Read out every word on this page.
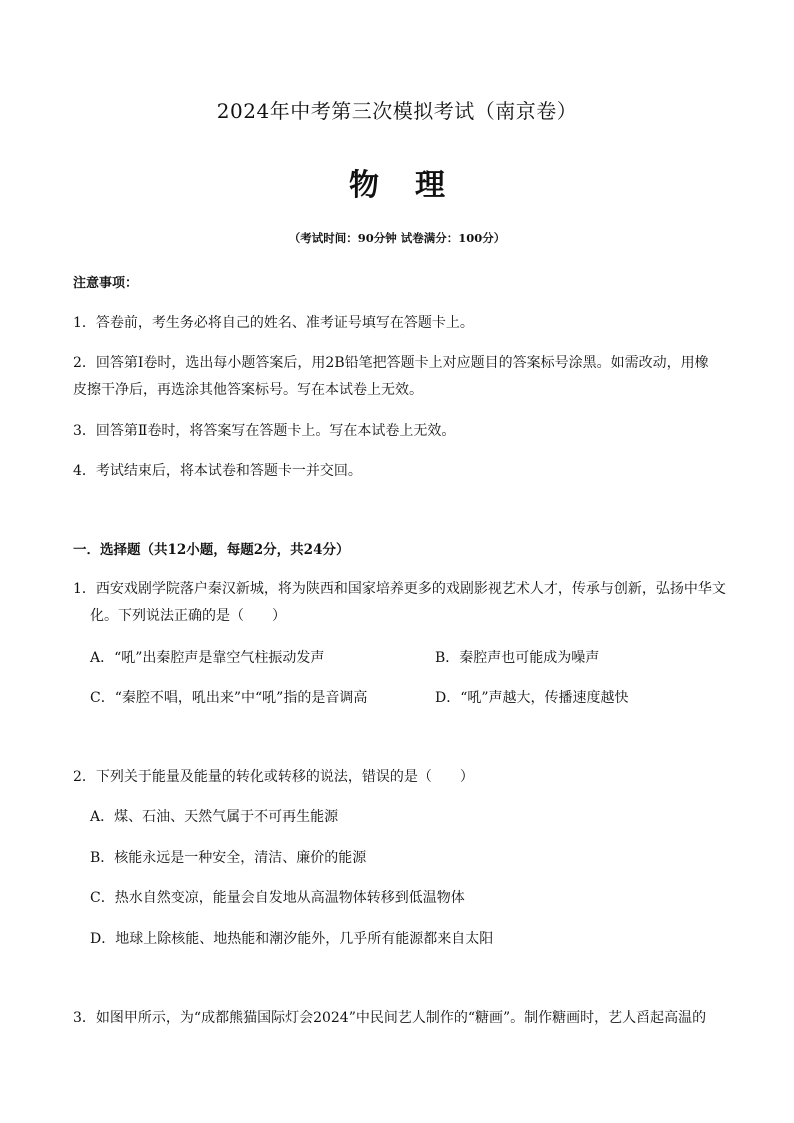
2024年中考第三次模拟考试（南京卷）
物 理
（考试时间：90分钟 试卷满分：100分）
注意事项：
1．答卷前，考生务必将自己的姓名、准考证号填写在答题卡上。
2．回答第Ⅰ卷时，选出每小题答案后，用2B铅笔把答题卡上对应题目的答案标号涂黑。如需改动，用橡
皮擦干净后，再选涂其他答案标号。写在本试卷上无效。
3．回答第Ⅱ卷时，将答案写在答题卡上。写在本试卷上无效。
4．考试结束后，将本试卷和答题卡一并交回。
一．选择题（共12小题，每题2分，共24分）
1．西安戏剧学院落户秦汉新城，将为陕西和国家培养更多的戏剧影视艺术人才，传承与创新，弘扬中华文
化。下列说法正确的是（　　）
A．“吼”出秦腔声是靠空气柱振动发声	B．秦腔声也可能成为噪声
C．“秦腔不唱，吼出来”中“吼”指的是音调高	D．“吼”声越大，传播速度越快
2．下列关于能量及能量的转化或转移的说法，错误的是（　　）
A．煤、石油、天然气属于不可再生能源
B．核能永远是一种安全，清洁、廉价的能源
C．热水自然变凉，能量会自发地从高温物体转移到低温物体
D．地球上除核能、地热能和潮汐能外，几乎所有能源都来自太阳
3．如图甲所示，为“成都熊猫国际灯会2024”中民间艺人制作的“糖画”。制作糖画时，艺人舀起高温的
